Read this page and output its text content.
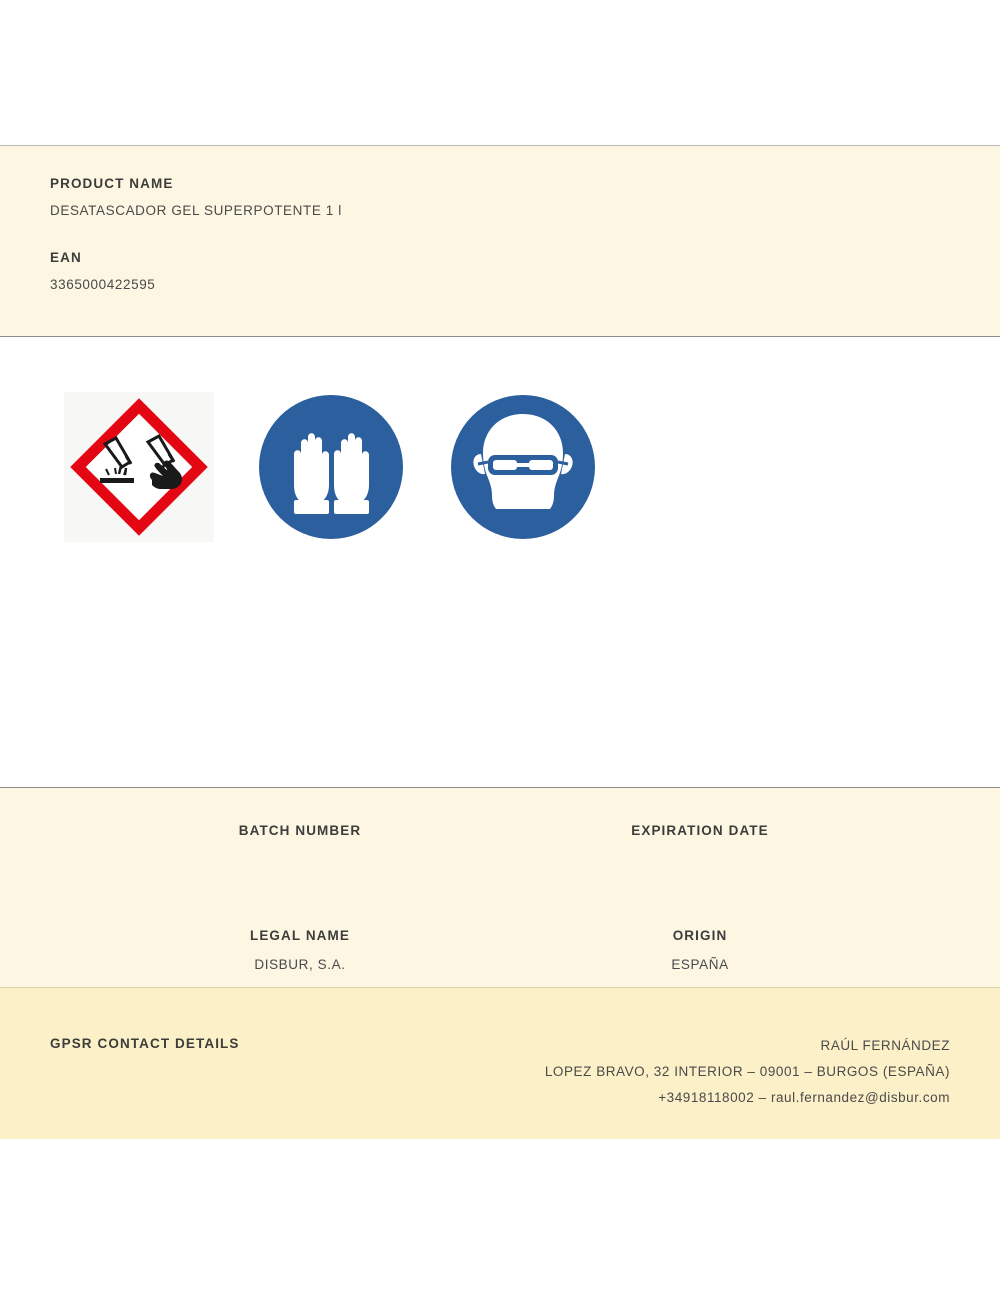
PRODUCT NAME

DESATASCADOR GEL SUPERPOTENTE 1 l

EAN

3365000422595

BATCH NUMBER	EXPIRATION DATE

LEGAL NAME

DISBUR, S.A.

ORIGIN

ESPAÑA

GPSR CONTACT DETAILS	RAÚL FERNÁNDEZ
LOPEZ BRAVO, 32 INTERIOR – 09001 – BURGOS (ESPAÑA)
+34918118002 – raul.fernandez@disbur.com
